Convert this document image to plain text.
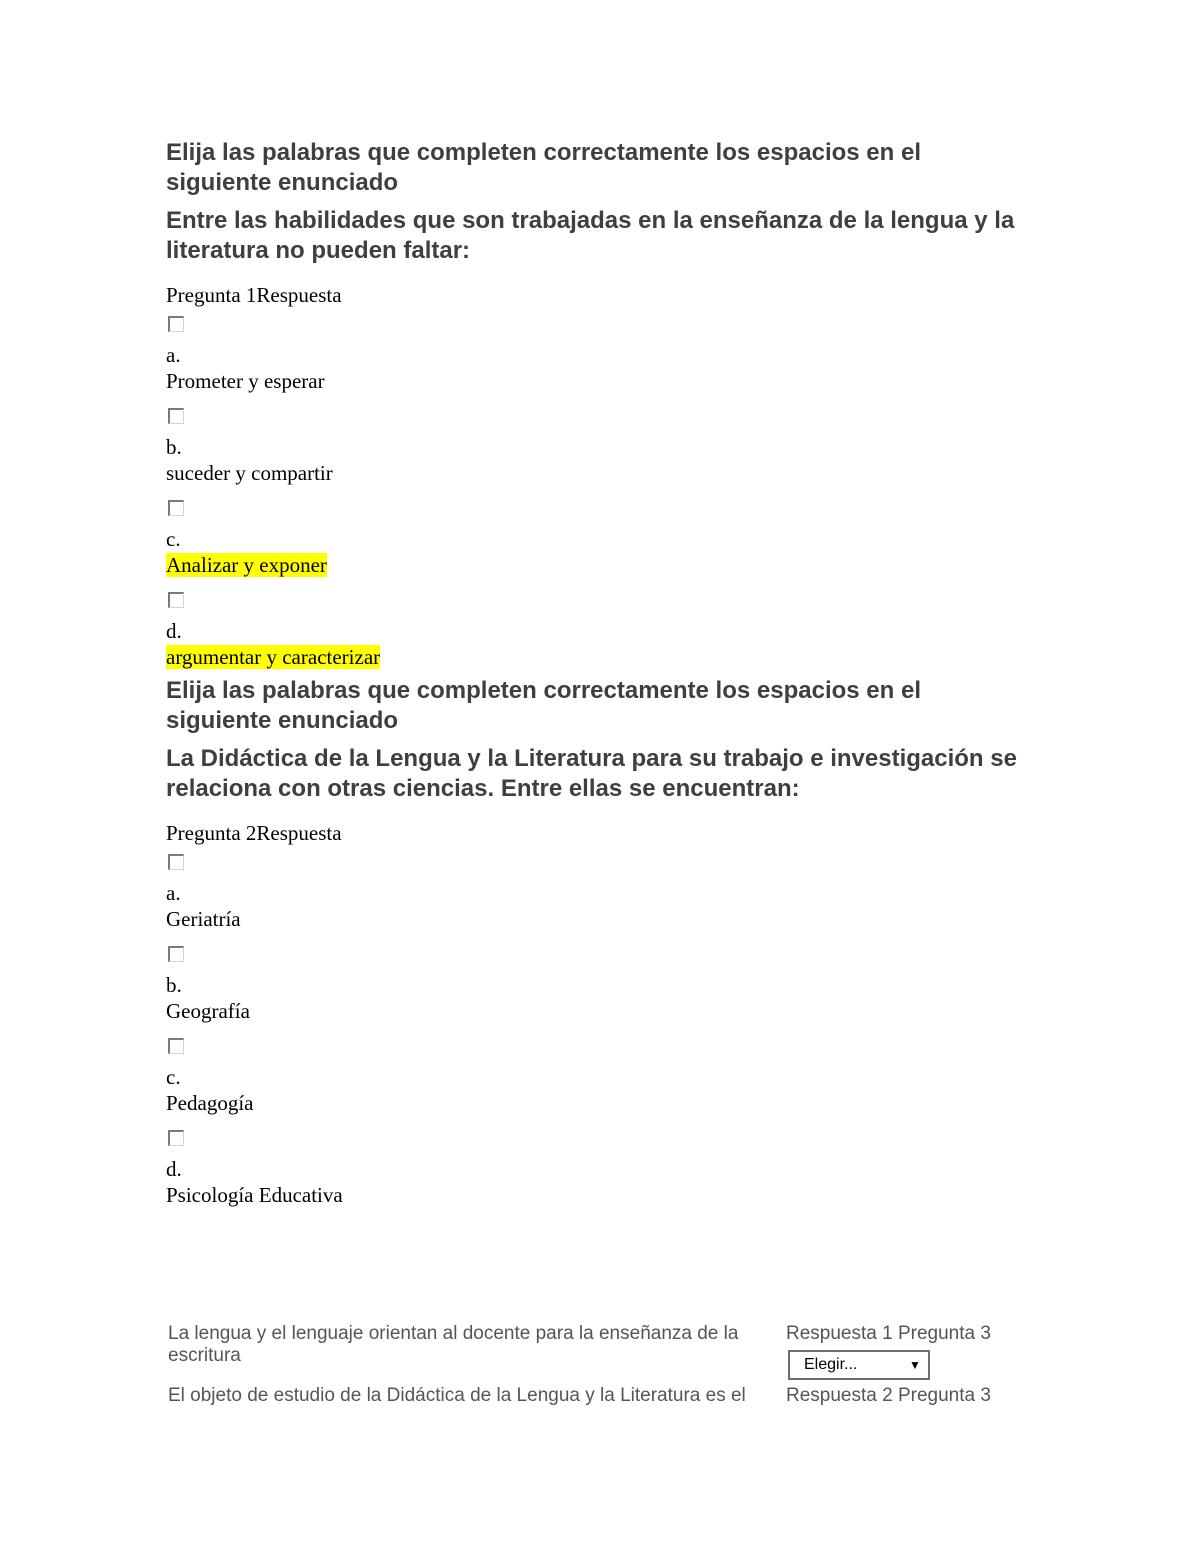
Elija las palabras que completen correctamente los espacios en el siguiente enunciado

Entre las habilidades que son trabajadas en la enseñanza de la lengua y la literatura no pueden faltar:

Pregunta 1Respuesta
a.
Prometer y esperar
b.
suceder y compartir
c.
Analizar y exponer
d.
argumentar y caracterizar

Elija las palabras que completen correctamente los espacios en el siguiente enunciado

La Didáctica de la Lengua y la Literatura para su trabajo e investigación se relaciona con otras ciencias. Entre ellas se encuentran:

Pregunta 2Respuesta
a.
Geriatría
b.
Geografía
c.
Pedagogía
d.
Psicología Educativa
La lengua y el lenguaje orientan al docente para la enseñanza de la escritura
Respuesta 1 Pregunta 3
Elegir...	▼
El objeto de estudio de la Didáctica de la Lengua y la Literatura es el	Respuesta 2 Pregunta 3
